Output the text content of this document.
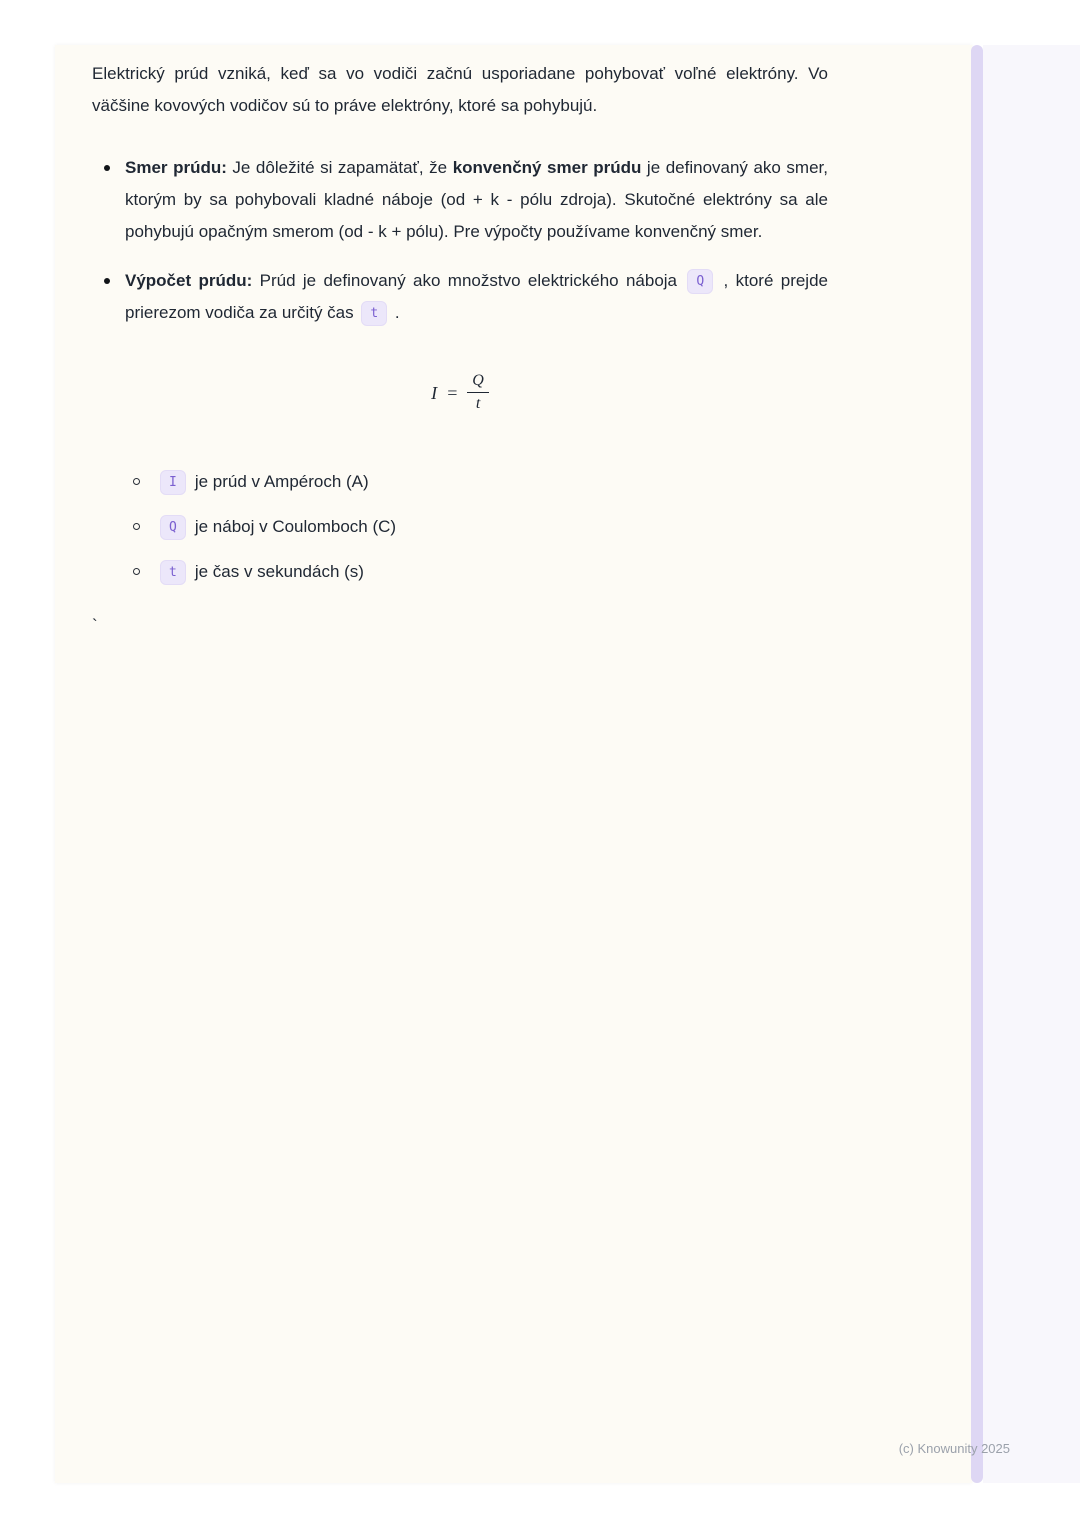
Elektrický prúd vzniká, keď sa vo vodiči začnú usporiadane pohybovať voľné elektróny. Vo väčšine kovových vodičov sú to práve elektróny, ktoré sa pohybujú.

Smer prúdu: Je dôležité si zapamätať, že konvenčný smer prúdu je definovaný ako smer, ktorým by sa pohybovali kladné náboje (od + k - pólu zdroja). Skutočné elektróny sa ale pohybujú opačným smerom (od - k + pólu). Pre výpočty používame konvenčný smer.
Výpočet prúdu: Prúd je definovaný ako množstvo elektrického náboja Q , ktoré prejde prierezom vodiča za určitý čas t .
$I = \frac{Q}{t}$
I je prúd v Ampéroch (A)
Q je náboj v Coulomboch (C)
t je čas v sekundách (s)
`
(c) Knowunity 2025
